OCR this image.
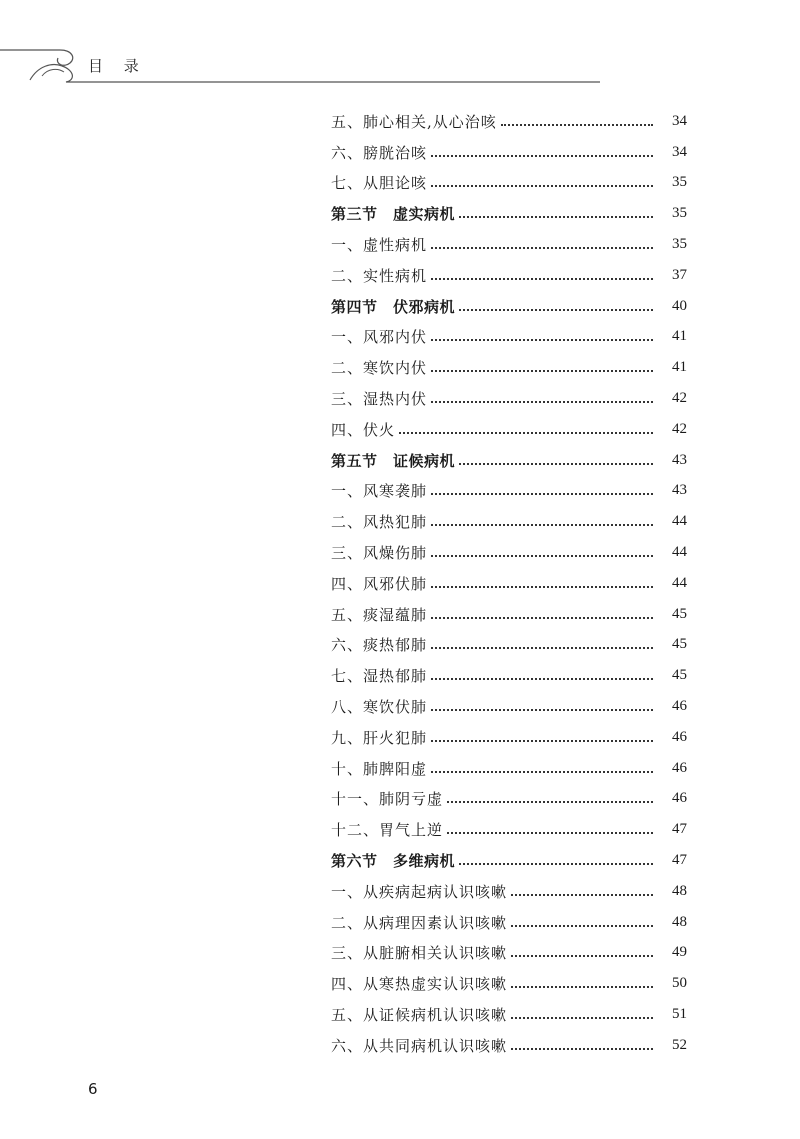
目 录
五、肺心相关,从心治咳	34
六、膀胱治咳	34
七、从胆论咳	35
第三节　虚实病机	35
一、虚性病机	35
二、实性病机	37
第四节　伏邪病机	40
一、风邪内伏	41
二、寒饮内伏	41
三、湿热内伏	42
四、伏火	42
第五节　证候病机	43
一、风寒袭肺	43
二、风热犯肺	44
三、风燥伤肺	44
四、风邪伏肺	44
五、痰湿蕴肺	45
六、痰热郁肺	45
七、湿热郁肺	45
八、寒饮伏肺	46
九、肝火犯肺	46
十、肺脾阳虚	46
十一、肺阴亏虚	46
十二、胃气上逆	47
第六节　多维病机	47
一、从疾病起病认识咳嗽	48
二、从病理因素认识咳嗽	48
三、从脏腑相关认识咳嗽	49
四、从寒热虚实认识咳嗽	50
五、从证候病机认识咳嗽	51
六、从共同病机认识咳嗽	52
6
